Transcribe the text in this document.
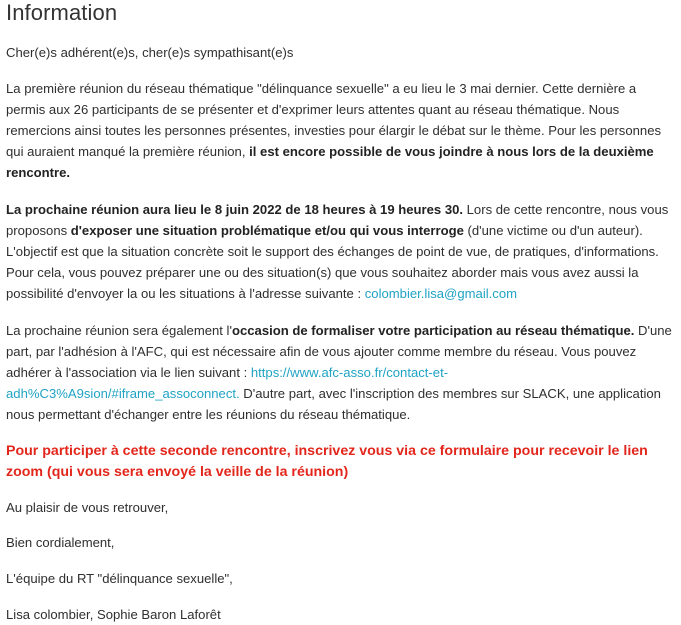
Information

Cher(e)s adhérent(e)s, cher(e)s sympathisant(e)s

La première réunion du réseau thématique "délinquance sexuelle" a eu lieu le 3 mai dernier. Cette dernière a permis aux 26 participants de se présenter et d'exprimer leurs attentes quant au réseau thématique. Nous remercions ainsi toutes les personnes présentes, investies pour élargir le débat sur le thème. Pour les personnes qui auraient manqué la première réunion, il est encore possible de vous joindre à nous lors de la deuxième rencontre.

La prochaine réunion aura lieu le 8 juin 2022 de 18 heures à 19 heures 30. Lors de cette rencontre, nous vous proposons d'exposer une situation problématique et/ou qui vous interroge (d'une victime ou d'un auteur). L'objectif est que la situation concrète soit le support des échanges de point de vue, de pratiques, d'informations. Pour cela, vous pouvez préparer une ou des situation(s) que vous souhaitez aborder mais vous avez aussi la possibilité d'envoyer la ou les situations à l'adresse suivante : colombier.lisa@gmail.com

La prochaine réunion sera également l'occasion de formaliser votre participation au réseau thématique. D'une part, par l'adhésion à l'AFC, qui est nécessaire afin de vous ajouter comme membre du réseau. Vous pouvez adhérer à l'association via le lien suivant : https://www.afc-asso.fr/contact-et-adh%C3%A9sion/#iframe_assoconnect. D'autre part, avec l'inscription des membres sur SLACK, une application nous permettant d'échanger entre les réunions du réseau thématique.

Pour participer à cette seconde rencontre, inscrivez vous via ce formulaire pour recevoir le lien zoom (qui vous sera envoyé la veille de la réunion)

Au plaisir de vous retrouver,

Bien cordialement,

L'équipe du RT "délinquance sexuelle",

Lisa colombier, Sophie Baron Laforêt
